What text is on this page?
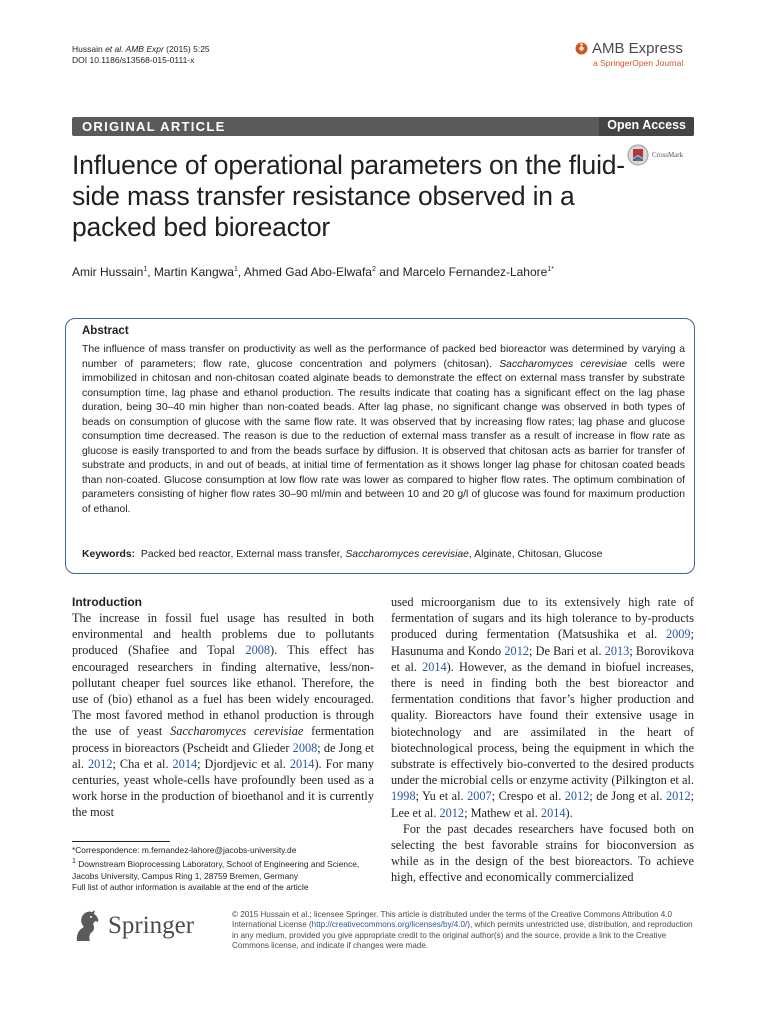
Hussain et al. AMB Expr (2015) 5:25
DOI 10.1186/s13568-015-0111-x
AMB Express
a SpringerOpen Journal
ORIGINAL ARTICLE	Open Access
CrossMark
Influence of operational parameters on the fluid-side mass transfer resistance observed in a packed bed bioreactor
Amir Hussain$^1$, Martin Kangwa$^1$, Ahmed Gad Abo-Elwafa$^2$ and Marcelo Fernandez-Lahore$^{1*}$
Abstract
The influence of mass transfer on productivity as well as the performance of packed bed bioreactor was determined by varying a number of parameters; flow rate, glucose concentration and polymers (chitosan). Saccharomyces cerevisiae cells were immobilized in chitosan and non-chitosan coated alginate beads to demonstrate the effect on external mass transfer by substrate consumption time, lag phase and ethanol production. The results indicate that coating has a significant effect on the lag phase duration, being 30–40 min higher than non-coated beads. After lag phase, no significant change was observed in both types of beads on consumption of glucose with the same flow rate. It was observed that by increasing flow rates; lag phase and glucose consumption time decreased. The reason is due to the reduction of external mass transfer as a result of increase in flow rate as glucose is easily transported to and from the beads surface by diffusion. It is observed that chitosan acts as barrier for transfer of substrate and products, in and out of beads, at initial time of fermentation as it shows longer lag phase for chitosan coated beads than non-coated. Glucose consumption at low flow rate was lower as compared to higher flow rates. The optimum combination of parameters consisting of higher flow rates 30–90 ml/min and between 10 and 20 g/l of glucose was found for maximum production of ethanol.
Keywords: Packed bed reactor, External mass transfer, Saccharomyces cerevisiae, Alginate, Chitosan, Glucose
Introduction

The increase in fossil fuel usage has resulted in both environmental and health problems due to pollutants produced (Shafiee and Topal 2008). This effect has encouraged researchers in finding alternative, less/non-pollutant cheaper fuel sources like ethanol. Therefore, the use of (bio) ethanol as a fuel has been widely encouraged. The most favored method in ethanol production is through the use of yeast Saccharomyces cerevisiae fermentation process in bioreactors (Pscheidt and Glieder 2008; de Jong et al. 2012; Cha et al. 2014; Djordjevic et al. 2014). For many centuries, yeast whole-cells have profoundly been used as a work horse in the production of bioethanol and it is currently the most

used microorganism due to its extensively high rate of fermentation of sugars and its high tolerance to by-products produced during fermentation (Matsushika et al. 2009; Hasunuma and Kondo 2012; De Bari et al. 2013; Borovikova et al. 2014). However, as the demand in biofuel increases, there is need in finding both the best bioreactor and fermentation conditions that favor’s higher production and quality. Bioreactors have found their extensive usage in biotechnology and are assimilated in the heart of biotechnological process, being the equipment in which the substrate is effectively bio-converted to the desired products under the microbial cells or enzyme activity (Pilkington et al. 1998; Yu et al. 2007; Crespo et al. 2012; de Jong et al. 2012; Lee et al. 2012; Mathew et al. 2014).

For the past decades researchers have focused both on selecting the best favorable strains for bioconversion as while as in the design of the best bioreactors. To achieve high, effective and economically commercialized

*Correspondence: m.fernandez-lahore@jacobs-university.de
$^1$ Downstream Bioprocessing Laboratory, School of Engineering and Science, Jacobs University, Campus Ring 1, 28759 Bremen, Germany
Full list of author information is available at the end of the article
Springer	© 2015 Hussain et al.; licensee Springer. This article is distributed under the terms of the Creative Commons Attribution 4.0 International License (http://creativecommons.org/licenses/by/4.0/), which permits unrestricted use, distribution, and reproduction in any medium, provided you give appropriate credit to the original author(s) and the source, provide a link to the Creative Commons license, and indicate if changes were made.
